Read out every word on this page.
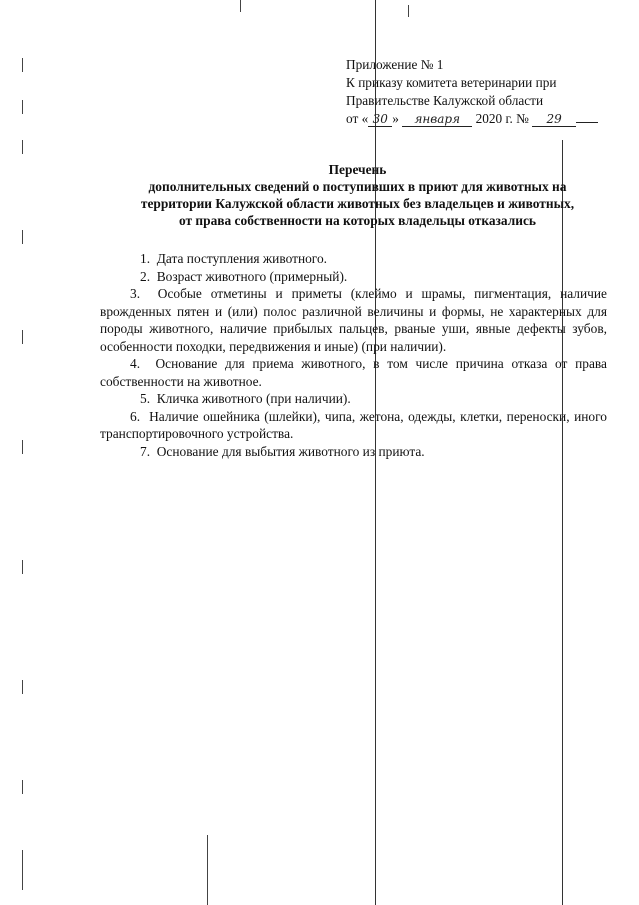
Приложение № 1
К приказу комитета ветеринарии при
Правительстве Калужской области
от « 30 » января 2020 г. № 29
Перечень
дополнительных сведений о поступивших в приют для животных на
территории Калужской области животных без владельцев и животных,
от права собственности на которых владельцы отказались

1. Дата поступления животного.

2. Возраст животного (примерный).

3. Особые отметины и приметы (клеймо и шрамы, пигментация, наличие врожденных пятен и (или) полос различной величины и формы, не характерных для породы животного, наличие прибылых пальцев, рваные уши, явные дефекты зубов, особенности походки, передвижения и иные) (при наличии).

4. Основание для приема животного, в том числе причина отказа от права собственности на животное.

5. Кличка животного (при наличии).

6. Наличие ошейника (шлейки), чипа, жетона, одежды, клетки, переноски, иного транспортировочного устройства.

7. Основание для выбытия животного из приюта.
